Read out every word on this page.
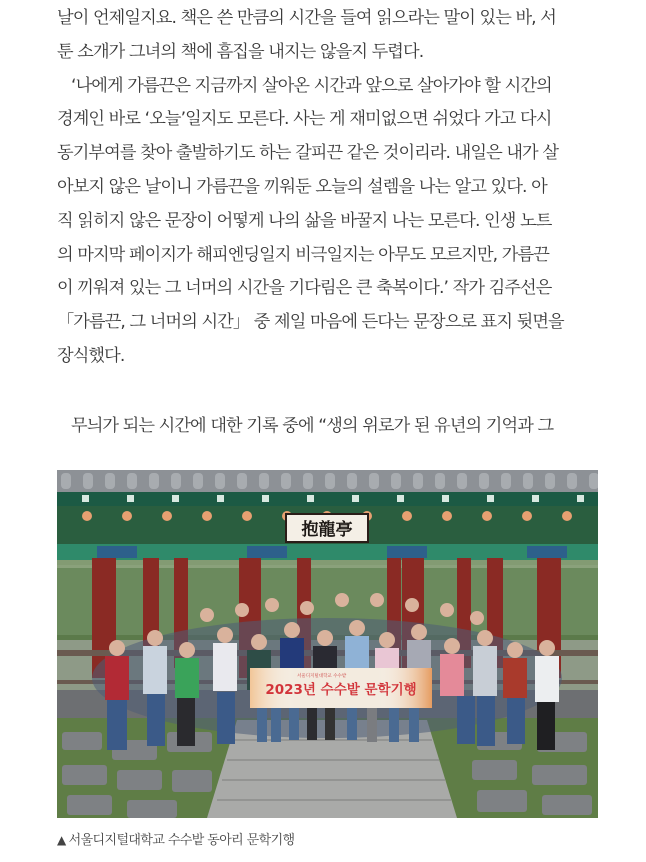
날이 언제일지요. 책은 쓴 만큼의 시간을 들여 읽으라는 말이 있는 바, 서
툰 소개가 그녀의 책에 흠집을 내지는 않을지 두렵다.
‘나에게 가름끈은 지금까지 살아온 시간과 앞으로 살아가야 할 시간의
경계인 바로 ‘오늘’일지도 모른다. 사는 게 재미없으면 쉬었다 가고 다시
동기부여를 찾아 출발하기도 하는 갈피끈 같은 것이리라. 내일은 내가 살
아보지 않은 날이니 가름끈을 끼워둔 오늘의 설렘을 나는 알고 있다. 아
직 읽히지 않은 문장이 어떻게 나의 삶을 바꿀지 나는 모른다. 인생 노트
의 마지막 페이지가 해피엔딩일지 비극일지는 아무도 모르지만, 가름끈
이 끼워져 있는 그 너머의 시간을 기다림은 큰 축복이다.’ 작가 김주선은
「가름끈, 그 너머의 시간」 중 제일 마음에 든다는 문장으로 표지 뒷면을
장식했다.
무늬가 되는 시간에 대한 기록 중에 “생의 위로가 된 유년의 기억과 그
抱龍亭
서울디지털대학교 수수밭
2023년 수수밭 문학기행
▲ 서울디지털대학교 수수밭 동아리 문학기행
